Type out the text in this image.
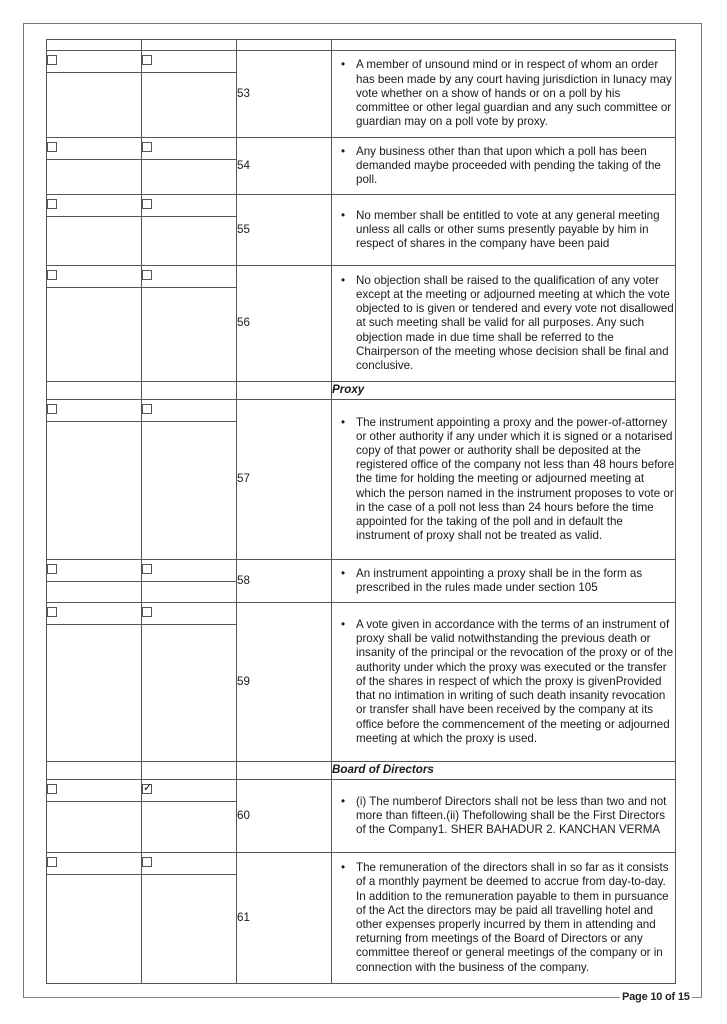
		53	
• A member of unsound mind or in respect of whom an order has been made by any court having jurisdiction in lunacy may vote whether on a show of hands or on a poll by his committee or other legal guardian and any such committee or guardian may on a poll vote by proxy.

		54	
• Any business other than that upon which a poll has been demanded maybe proceeded with pending the taking of the poll.

		55	
• No member shall be entitled to vote at any general meeting unless all calls or other sums presently payable by him in respect of shares in the company have been paid

		56	
• No objection shall be raised to the qualification of any voter except at the meeting or adjourned meeting at which the vote objected to is given or tendered and every vote not disallowed at such meeting shall be valid for all purposes. Any such objection made in due time shall be referred to the Chairperson of the meeting whose decision shall be final and conclusive.

			Proxy
		57	
• The instrument appointing a proxy and the power-of-attorney or other authority if any under which it is signed or a notarised copy of that power or authority shall be deposited at the registered office of the company not less than 48 hours before the time for holding the meeting or adjourned meeting at which the person named in the instrument proposes to vote or in the case of a poll not less than 24 hours before the time appointed for the taking of the poll and in default the instrument of proxy shall not be treated as valid.

		58	
• An instrument appointing a proxy shall be in the form as prescribed in the rules made under section 105

		59	
• A vote given in accordance with the terms of an instrument of proxy shall be valid notwithstanding the previous death or insanity of the principal or the revocation of the proxy or of the authority under which the proxy was executed or the transfer of the shares in respect of which the proxy is givenProvided that no intimation in writing of such death insanity revocation or transfer shall have been received by the company at its office before the commencement of the meeting or adjourned meeting at which the proxy is used.

			Board of Directors
	✓	60	
• (i) The numberof Directors shall not be less than two and not more than fifteen.(ii) Thefollowing shall be the First Directors of the Company1. SHER BAHADUR 2. KANCHAN VERMA

		61	
• The remuneration of the directors shall in so far as it consists of a monthly payment be deemed to accrue from day-to-day. In addition to the remuneration payable to them in pursuance of the Act the directors may be paid all travelling hotel and other expenses properly incurred by them in attending and returning from meetings of the Board of Directors or any committee thereof or general meetings of the company or in connection with the business of the company.

Page 10 of 15
